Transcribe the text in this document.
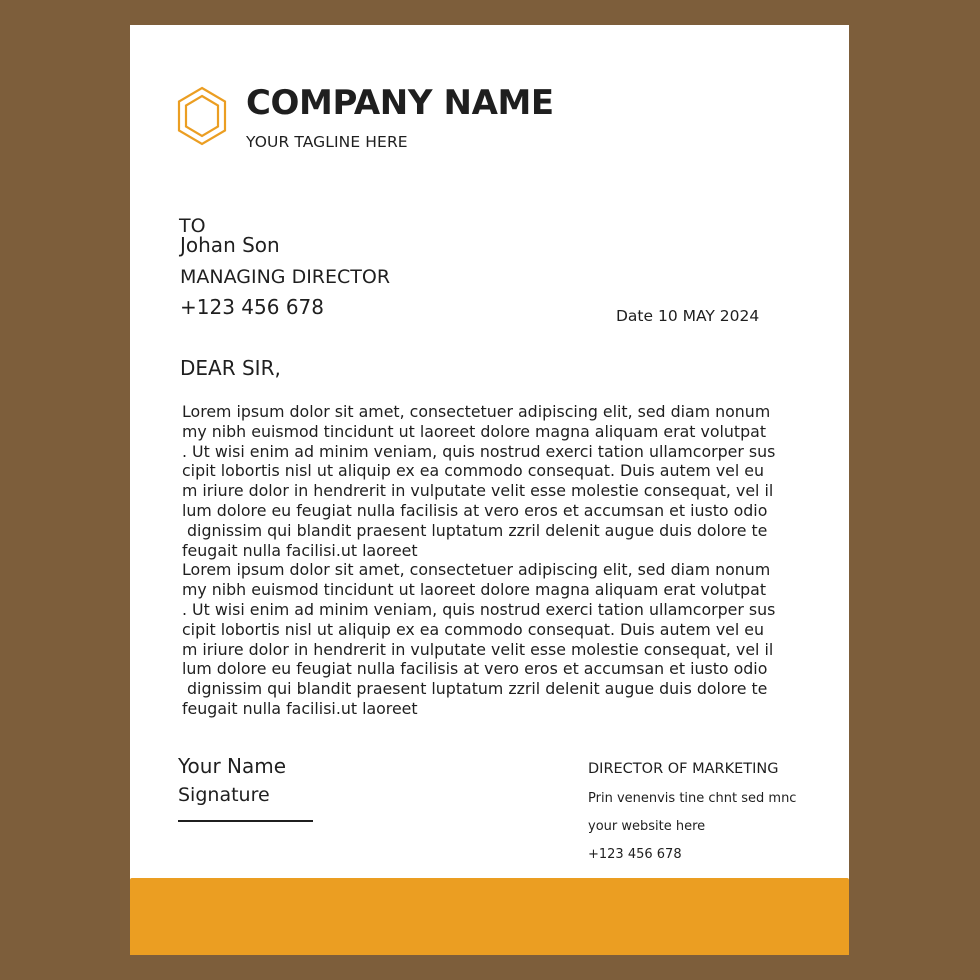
COMPANY NAME
YOUR TAGLINE HERE
TO
Johan Son
MANAGING DIRECTOR
+123 456 678	Date 10 MAY 2024
DEAR SIR,
Lorem ipsum dolor sit amet, consectetuer adipiscing elit, sed diam nonum
my nibh euismod tincidunt ut laoreet dolore magna aliquam erat volutpat
. Ut wisi enim ad minim veniam, quis nostrud exerci tation ullamcorper sus
cipit lobortis nisl ut aliquip ex ea commodo consequat. Duis autem vel eu
m iriure dolor in hendrerit in vulputate velit esse molestie consequat, vel il
lum dolore eu feugiat nulla facilisis at vero eros et accumsan et iusto odio
dignissim qui blandit praesent luptatum zzril delenit augue duis dolore te
feugait nulla facilisi.ut laoreet
Lorem ipsum dolor sit amet, consectetuer adipiscing elit, sed diam nonum
my nibh euismod tincidunt ut laoreet dolore magna aliquam erat volutpat
. Ut wisi enim ad minim veniam, quis nostrud exerci tation ullamcorper sus
cipit lobortis nisl ut aliquip ex ea commodo consequat. Duis autem vel eu
m iriure dolor in hendrerit in vulputate velit esse molestie consequat, vel il
lum dolore eu feugiat nulla facilisis at vero eros et accumsan et iusto odio
dignissim qui blandit praesent luptatum zzril delenit augue duis dolore te
feugait nulla facilisi.ut laoreet
Your Name
Signature
DIRECTOR OF MARKETING
Prin venenvis tine chnt sed mnc
your website here
+123 456 678
